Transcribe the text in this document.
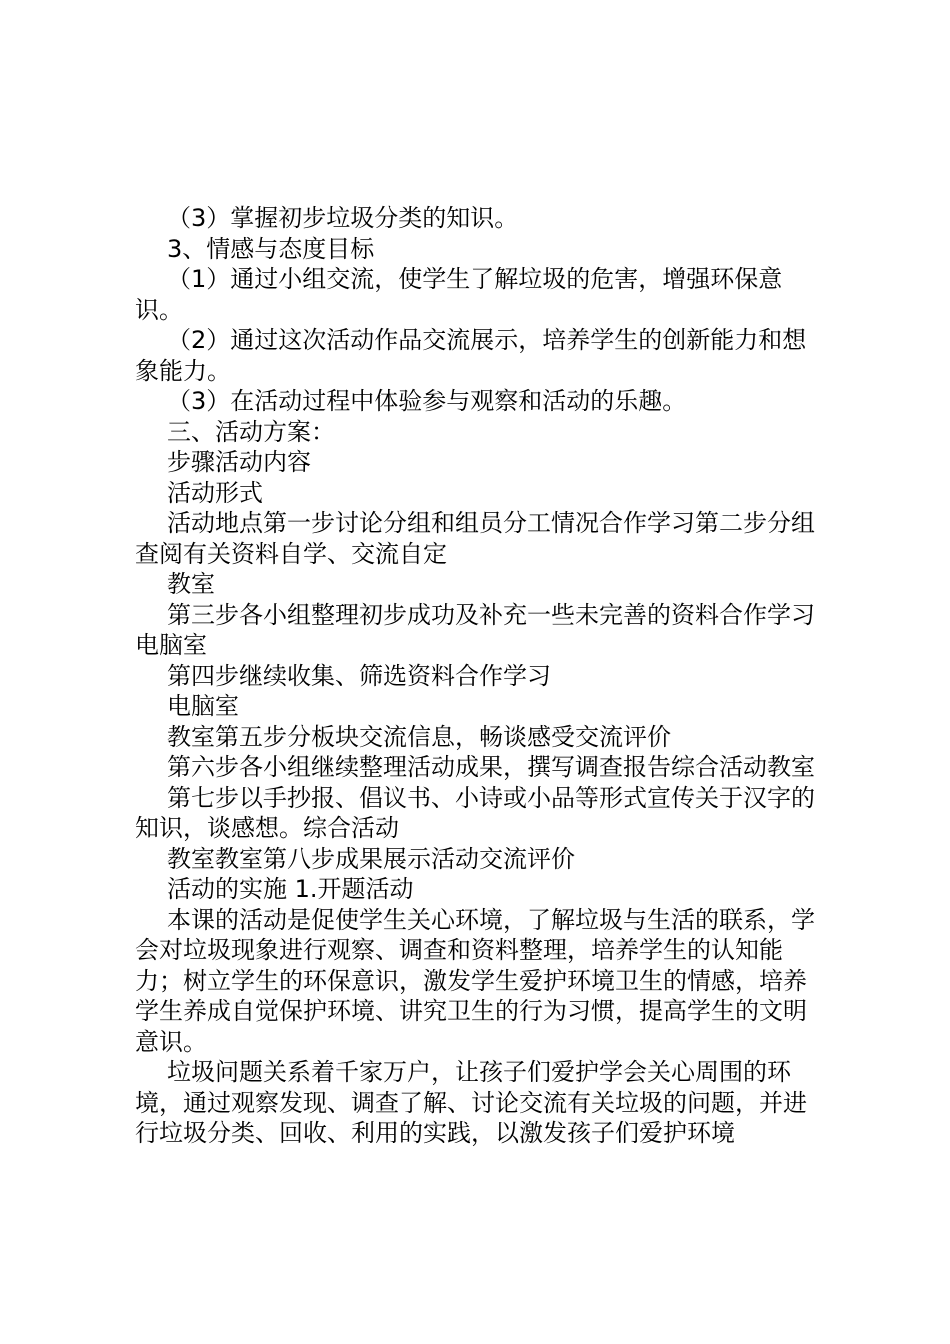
（3）掌握初步垃圾分类的知识。

3、情感与态度目标

（1）通过小组交流，使学生了解垃圾的危害，增强环保意识。

（2）通过这次活动作品交流展示，培养学生的创新能力和想象能力。

（3）在活动过程中体验参与观察和活动的乐趣。

三、活动方案：

步骤活动内容

活动形式

活动地点第一步讨论分组和组员分工情况合作学习第二步分组查阅有关资料自学、交流自定

教室

第三步各小组整理初步成功及补充一些未完善的资料合作学习电脑室

第四步继续收集、筛选资料合作学习

电脑室

教室第五步分板块交流信息，畅谈感受交流评价

第六步各小组继续整理活动成果，撰写调查报告综合活动教室

第七步以手抄报、倡议书、小诗或小品等形式宣传关于汉字的知识，谈感想。综合活动

教室教室第八步成果展示活动交流评价

活动的实施 1.开题活动

本课的活动是促使学生关心环境，了解垃圾与生活的联系，学会对垃圾现象进行观察、调查和资料整理，培养学生的认知能力；树立学生的环保意识，激发学生爱护环境卫生的情感，培养学生养成自觉保护环境、讲究卫生的行为习惯，提高学生的文明意识。

垃圾问题关系着千家万户，让孩子们爱护学会关心周围的环境，通过观察发现、调查了解、讨论交流有关垃圾的问题，并进行垃圾分类、回收、利用的实践，以激发孩子们爱护环境
